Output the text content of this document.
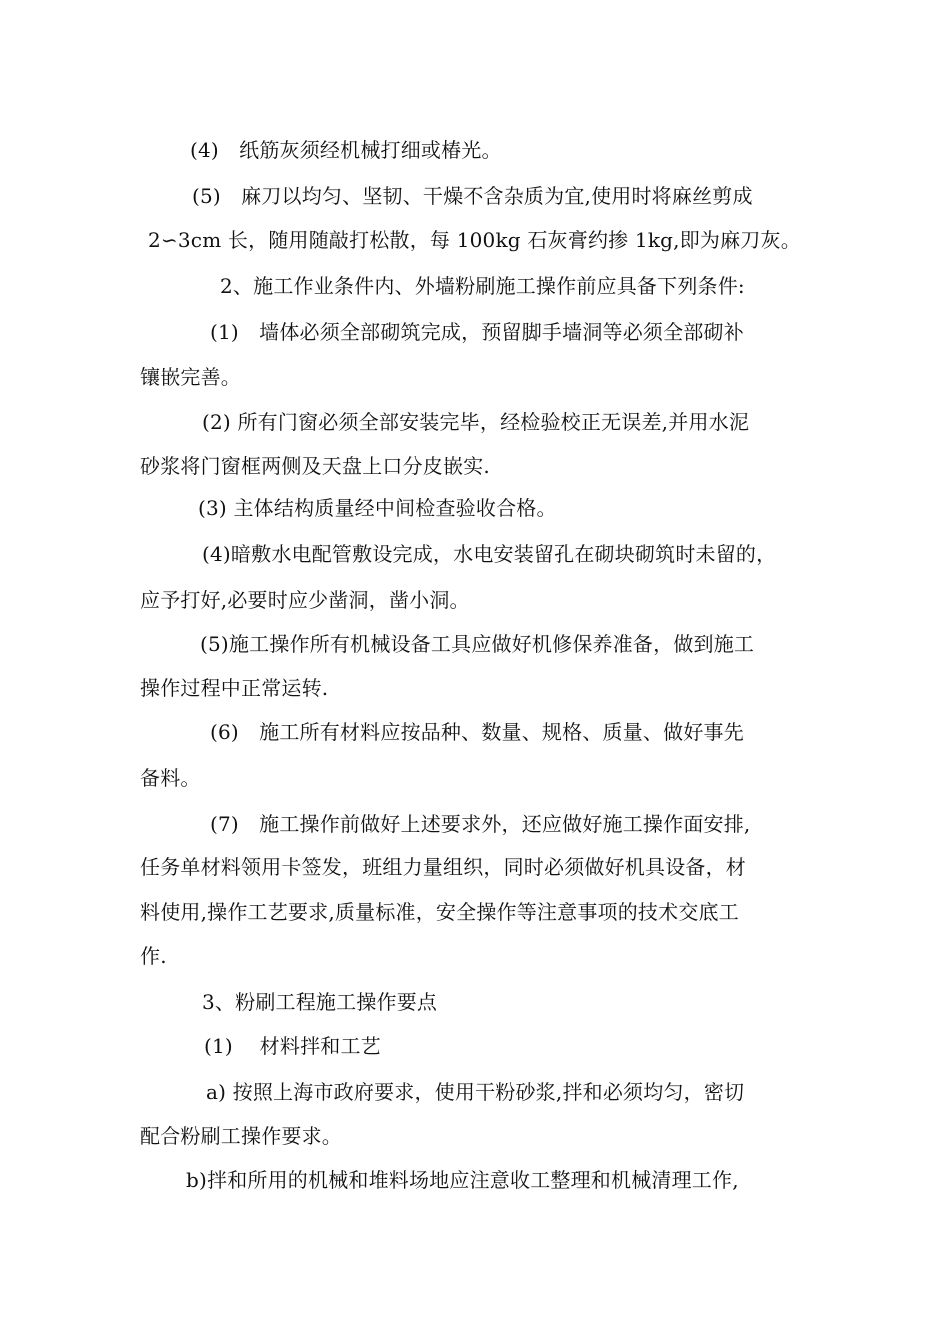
(4)　纸筋灰须经机械打细或椿光。
(5)　麻刀以均匀、坚韧、干燥不含杂质为宜,使用时将麻丝剪成
2∽3cm 长，随用随敲打松散，每 100kg 石灰膏约掺 1kg,即为麻刀灰。
2、施工作业条件内、外墙粉刷施工操作前应具备下列条件:
(1)　墙体必须全部砌筑完成，预留脚手墙洞等必须全部砌补
镶嵌完善。
(2) 所有门窗必须全部安装完毕，经检验校正无误差,并用水泥
砂浆将门窗框两侧及天盘上口分皮嵌实.
(3) 主体结构质量经中间检查验收合格。
(4)暗敷水电配管敷设完成，水电安装留孔在砌块砌筑时未留的，
应予打好,必要时应少凿洞，凿小洞。
(5)施工操作所有机械设备工具应做好机修保养准备，做到施工
操作过程中正常运转.
(6)　施工所有材料应按品种、数量、规格、质量、做好事先
备料。
(7)　施工操作前做好上述要求外，还应做好施工操作面安排,
任务单材料领用卡签发，班组力量组织，同时必须做好机具设备，材
料使用,操作工艺要求,质量标准，安全操作等注意事项的技术交底工
作.
3、粉刷工程施工操作要点
(1)　 材料拌和工艺
a) 按照上海市政府要求，使用干粉砂浆,拌和必须均匀，密切
配合粉刷工操作要求。
b)拌和所用的机械和堆料场地应注意收工整理和机械清理工作,
